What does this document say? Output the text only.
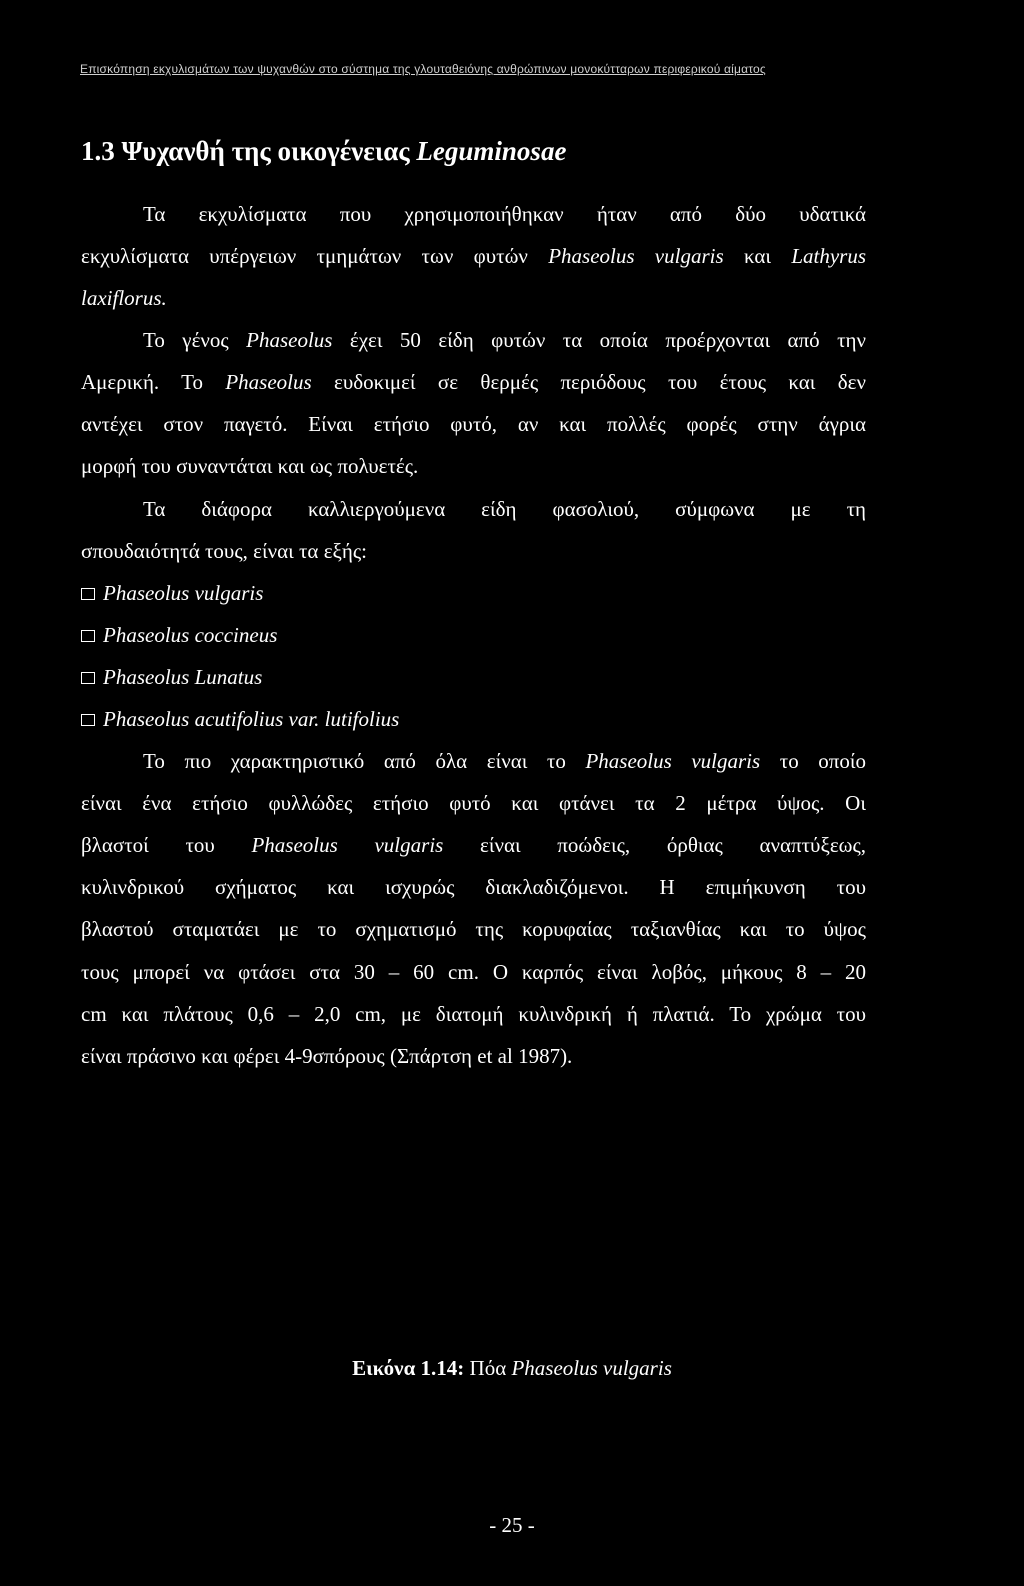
Επισκόπηση εκχυλισμάτων των ψυχανθών στο σύστημα της γλουταθειόνης ανθρώπινων μονοκύτταρων περιφερικού αίματος
1.3 Ψυχανθή της οικογένειας Leguminosae
Τα εκχυλίσματα που χρησιμοποιήθηκαν ήταν από δύο υδατικά
εκχυλίσματα υπέργειων τμημάτων των φυτών Phaseolus vulgaris και Lathyrus
laxiflorus.
Το γένος Phaseolus έχει 50 είδη φυτών τα οποία προέρχονται από την
Αμερική. Το Phaseolus ευδοκιμεί σε θερμές περιόδους του έτους και δεν
αντέχει στον παγετό. Είναι ετήσιο φυτό, αν και πολλές φορές στην άγρια
μορφή του συναντάται και ως πολυετές.
Τα διάφορα καλλιεργούμενα είδη φασολιού, σύμφωνα με τη
σπουδαιότητά τους, είναι τα εξής:
Phaseolus vulgaris
Phaseolus coccineus
Phaseolus Lunatus
Phaseolus acutifolius var. lutifolius
Το πιο χαρακτηριστικό από όλα είναι το Phaseolus vulgaris το οποίο
είναι ένα ετήσιο φυλλώδες ετήσιο φυτό και φτάνει τα 2 μέτρα ύψος. Οι
βλαστοί του Phaseolus vulgaris είναι ποώδεις, όρθιας αναπτύξεως,
κυλινδρικού σχήματος και ισχυρώς διακλαδιζόμενοι. Η επιμήκυνση του
βλαστού σταματάει με το σχηματισμό της κορυφαίας ταξιανθίας και το ύψος
τους μπορεί να φτάσει στα 30 – 60 cm. Ο καρπός είναι λοβός, μήκους 8 – 20
cm και πλάτους 0,6 – 2,0 cm, με διατομή κυλινδρική ή πλατιά. Το χρώμα του
είναι πράσινο και φέρει 4-9σπόρους (Σπάρτση et al 1987).
Εικόνα 1.14: Πόα Phaseolus vulgaris
- 25 -
